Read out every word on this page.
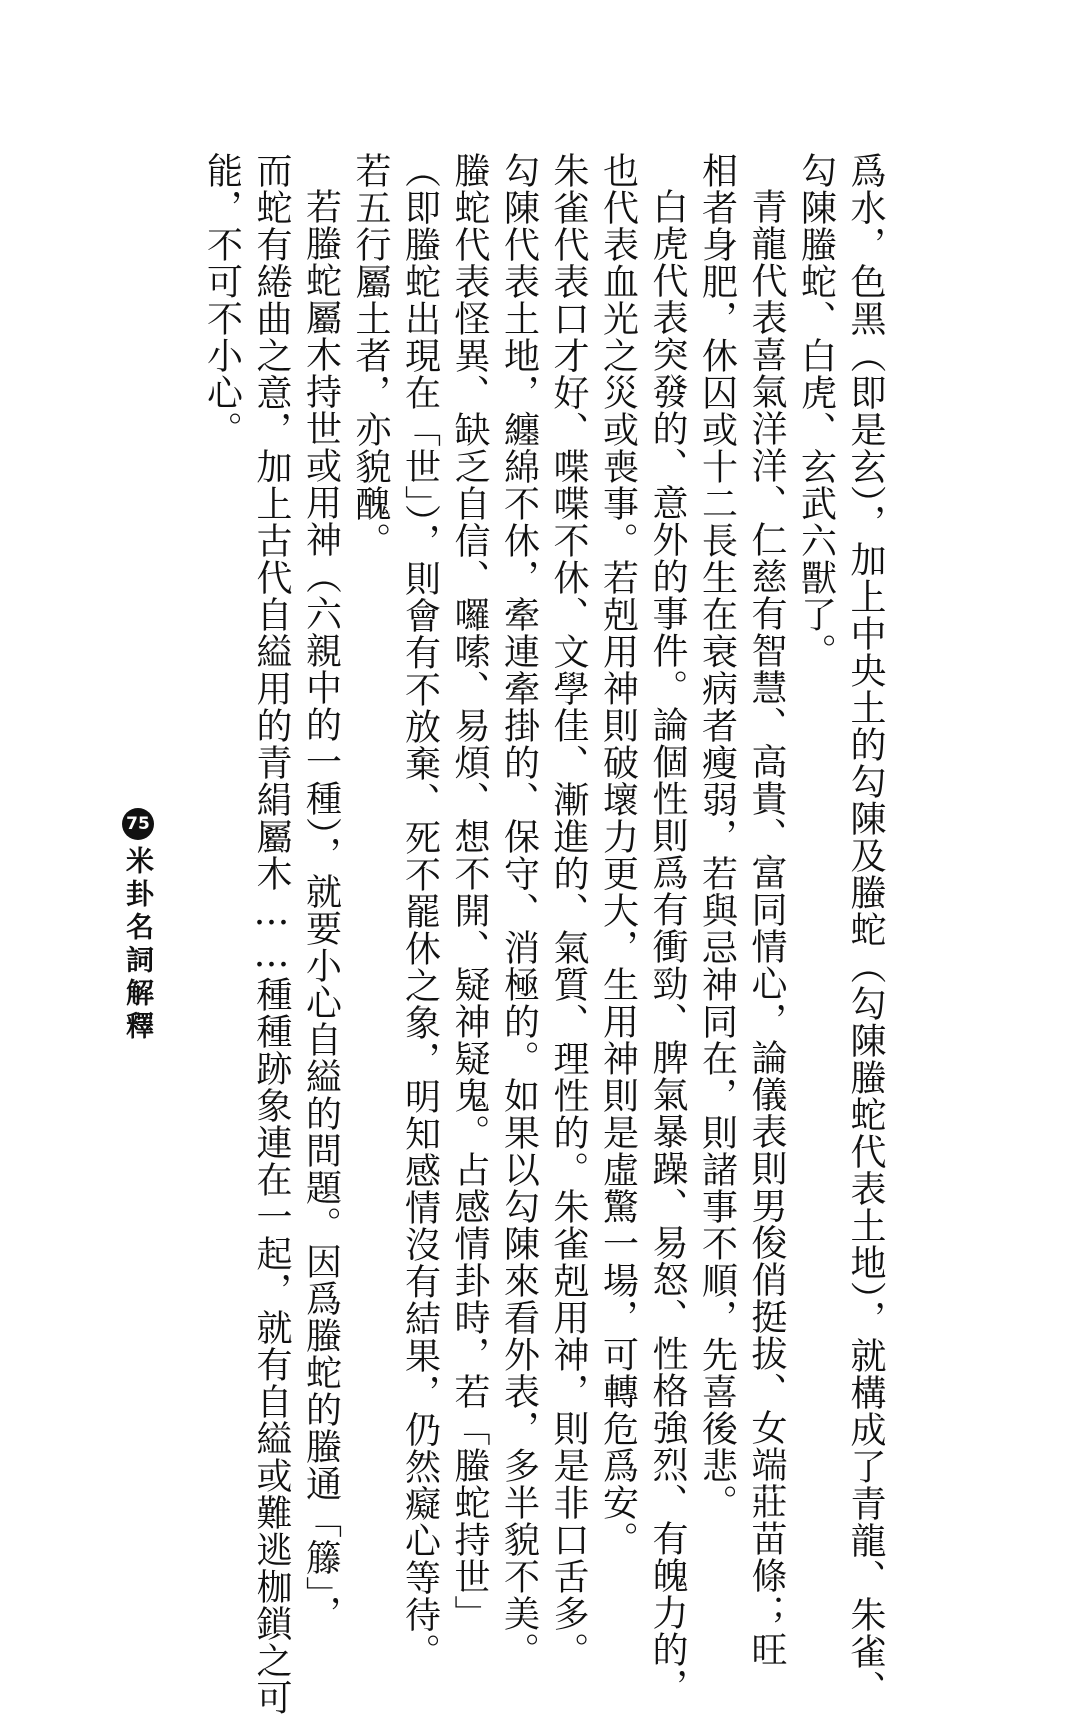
爲水，色黑（即是玄），加上中央土的勾陳及螣蛇（勾陳螣蛇代表土地），就構成了青龍、朱雀、

勾陳螣蛇、白虎、玄武六獸了。

青龍代表喜氣洋洋、仁慈有智慧、高貴、富同情心，論儀表則男俊俏挺拔、女端莊苗條；旺

相者身肥，休囚或十二長生在衰病者瘦弱，若與忌神同在，則諸事不順，先喜後悲。

白虎代表突發的、意外的事件。論個性則爲有衝勁、脾氣暴躁、易怒、性格強烈、有魄力的，

也代表血光之災或喪事。若剋用神則破壞力更大，生用神則是虛驚一場，可轉危爲安。

朱雀代表口才好、喋喋不休、文學佳、漸進的、氣質、理性的。朱雀剋用神，則是非口舌多。

勾陳代表土地，纏綿不休，牽連牽掛的、保守、消極的。如果以勾陳來看外表，多半貌不美。

螣蛇代表怪異、缺乏自信、囉嗦、易煩、想不開、疑神疑鬼。占感情卦時，若「螣蛇持世」

（即螣蛇出現在「世」），則會有不放棄、死不罷休之象，明知感情沒有結果，仍然癡心等待。

若五行屬土者，亦貌醜。

若螣蛇屬木持世或用神（六親中的一種），就要小心自縊的問題。因爲螣蛇的螣通「籐」，

而蛇有綣曲之意，加上古代自縊用的青絹屬木……種種跡象連在一起，就有自縊或難逃枷鎖之可

能，不可不小心。

75
米卦名詞解釋
